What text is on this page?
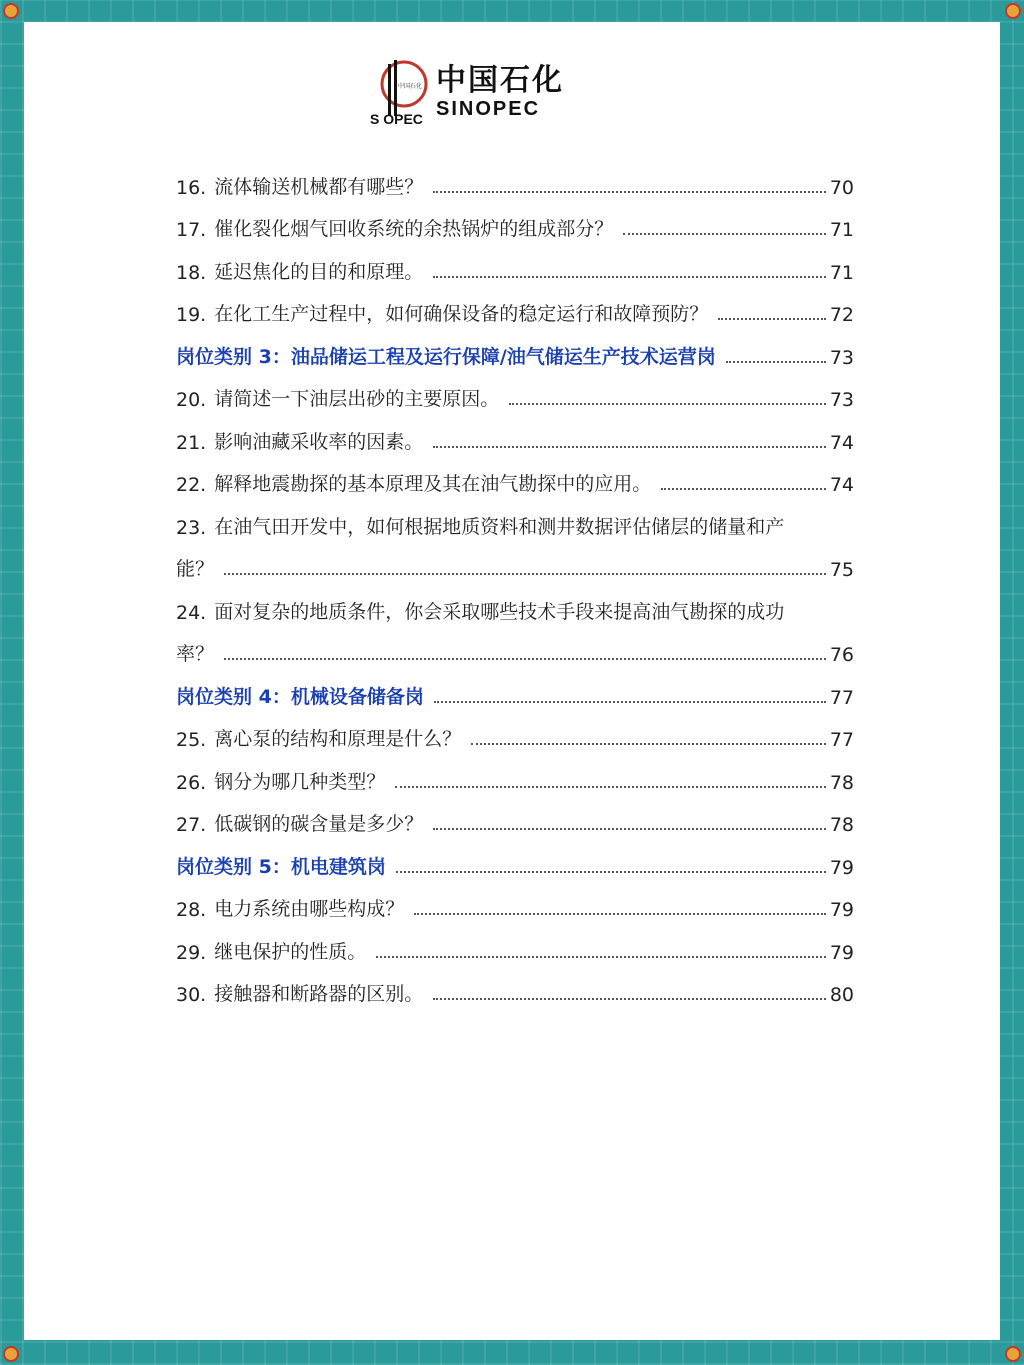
中国石化
S OPEC
中国石化
SINOPEC
16. 流体输送机械都有哪些？	70
17. 催化裂化烟气回收系统的余热锅炉的组成部分？	71
18. 延迟焦化的目的和原理。	71
19. 在化工生产过程中，如何确保设备的稳定运行和故障预防？	72
岗位类别 3：油品储运工程及运行保障/油气储运生产技术运营岗	73
20. 请简述一下油层出砂的主要原因。	73
21. 影响油藏采收率的因素。	74
22. 解释地震勘探的基本原理及其在油气勘探中的应用。	74
23. 在油气田开发中，如何根据地质资料和测井数据评估储层的储量和产
能？	75
24. 面对复杂的地质条件，你会采取哪些技术手段来提高油气勘探的成功
率？	76
岗位类别 4：机械设备储备岗	77
25. 离心泵的结构和原理是什么？	77
26. 钢分为哪几种类型？	78
27. 低碳钢的碳含量是多少？	78
岗位类别 5：机电建筑岗	79
28. 电力系统由哪些构成？	79
29. 继电保护的性质。	79
30. 接触器和断路器的区别。	80
